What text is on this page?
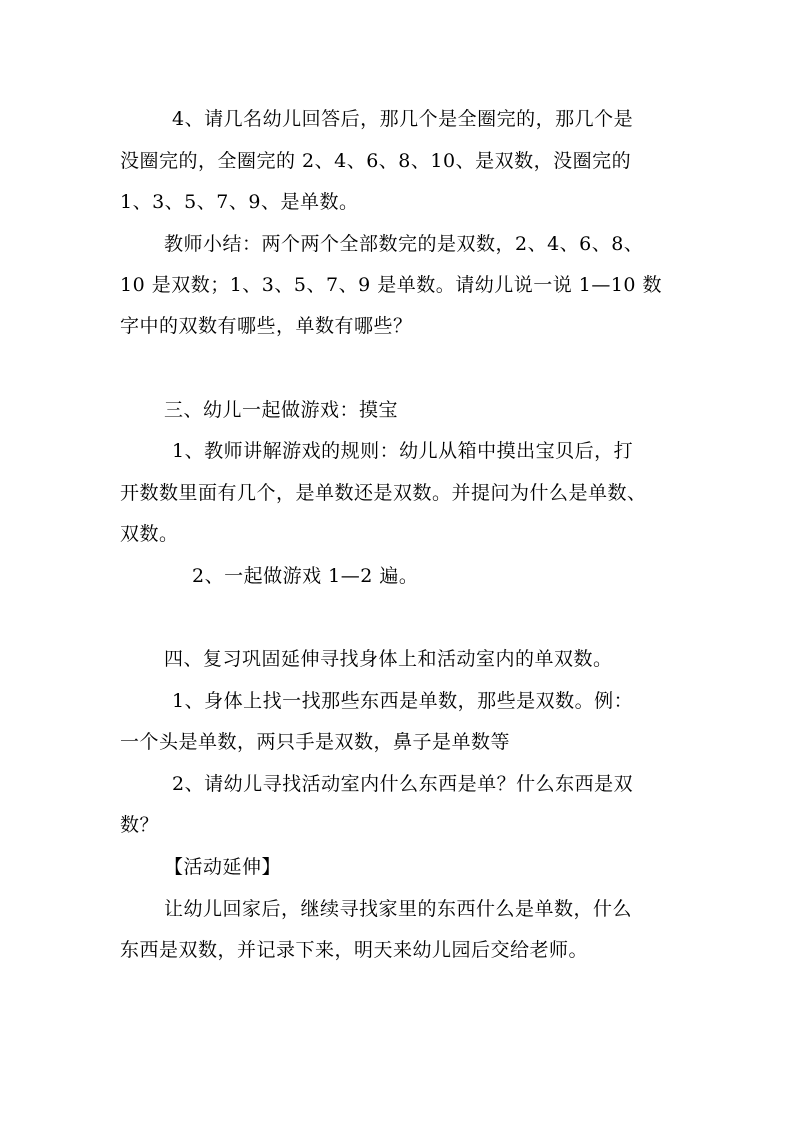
4、请几名幼儿回答后，那几个是全圈完的，那几个是
没圈完的，全圈完的 2、4、6、8、10、是双数，没圈完的
1、3、5、7、9、是单数。
教师小结：两个两个全部数完的是双数，2、4、6、8、
10 是双数；1、3、5、7、9 是单数。请幼儿说一说 1—10 数
字中的双数有哪些，单数有哪些？
三、幼儿一起做游戏：摸宝
1、教师讲解游戏的规则：幼儿从箱中摸出宝贝后，打
开数数里面有几个，是单数还是双数。并提问为什么是单数、
双数。
2、一起做游戏 1—2 遍。
四、复习巩固延伸寻找身体上和活动室内的单双数。
1、身体上找一找那些东西是单数，那些是双数。例：
一个头是单数，两只手是双数，鼻子是单数等
2、请幼儿寻找活动室内什么东西是单？什么东西是双
数？
【活动延伸】
让幼儿回家后，继续寻找家里的东西什么是单数，什么
东西是双数，并记录下来，明天来幼儿园后交给老师。
